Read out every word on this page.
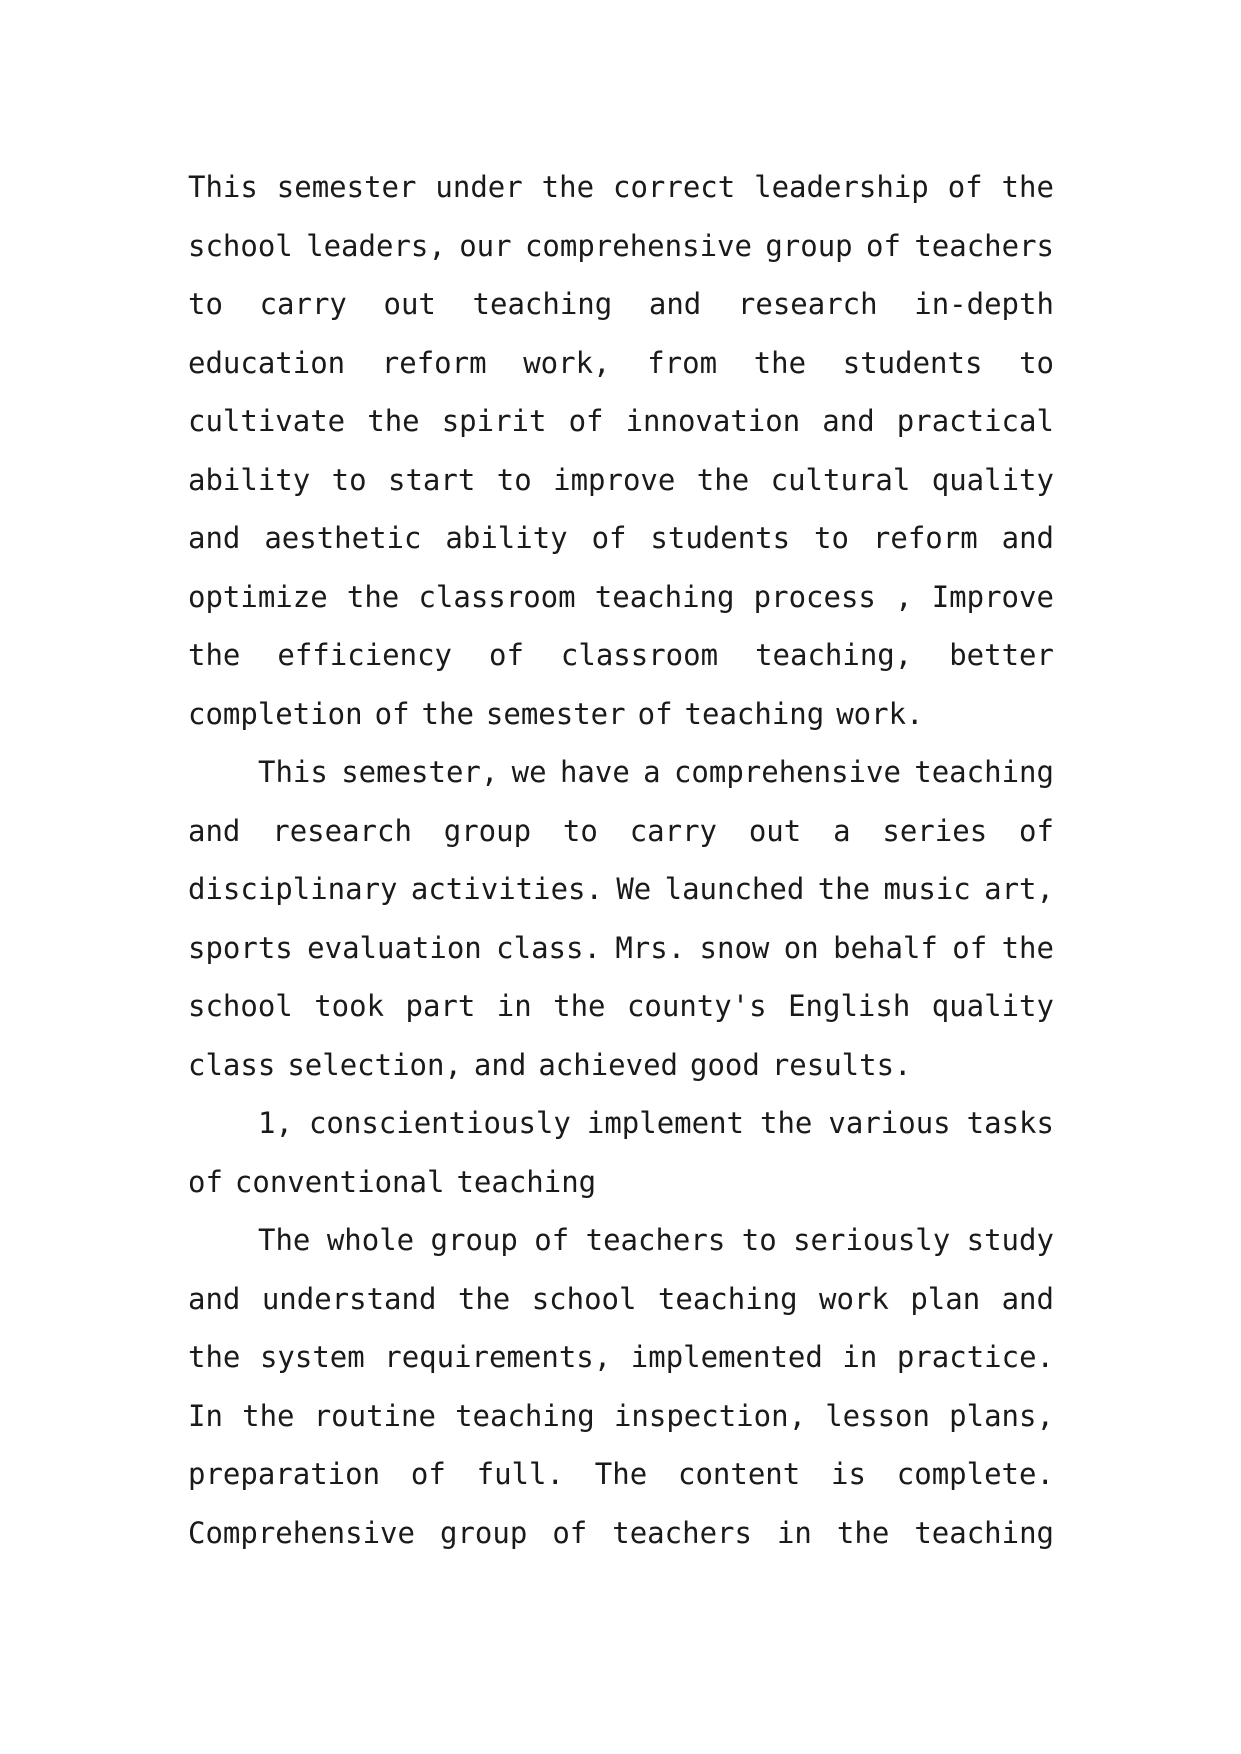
This semester under the correct leadership of the
school leaders, our comprehensive group of teachers
to carry out teaching and research in-depth
education reform work, from the students to
cultivate the spirit of innovation and practical
ability to start to improve the cultural quality
and aesthetic ability of students to reform and
optimize the classroom teaching process , Improve
the efficiency of classroom teaching, better
completion of the semester of teaching work.
This semester, we have a comprehensive teaching
and research group to carry out a series of
disciplinary activities. We launched the music art,
sports evaluation class. Mrs. snow on behalf of the
school took part in the county's English quality
class selection, and achieved good results.
1, conscientiously implement the various tasks
of conventional teaching
The whole group of teachers to seriously study
and understand the school teaching work plan and
the system requirements, implemented in practice.
In the routine teaching inspection, lesson plans,
preparation of full. The content is complete.
Comprehensive group of teachers in the teaching
